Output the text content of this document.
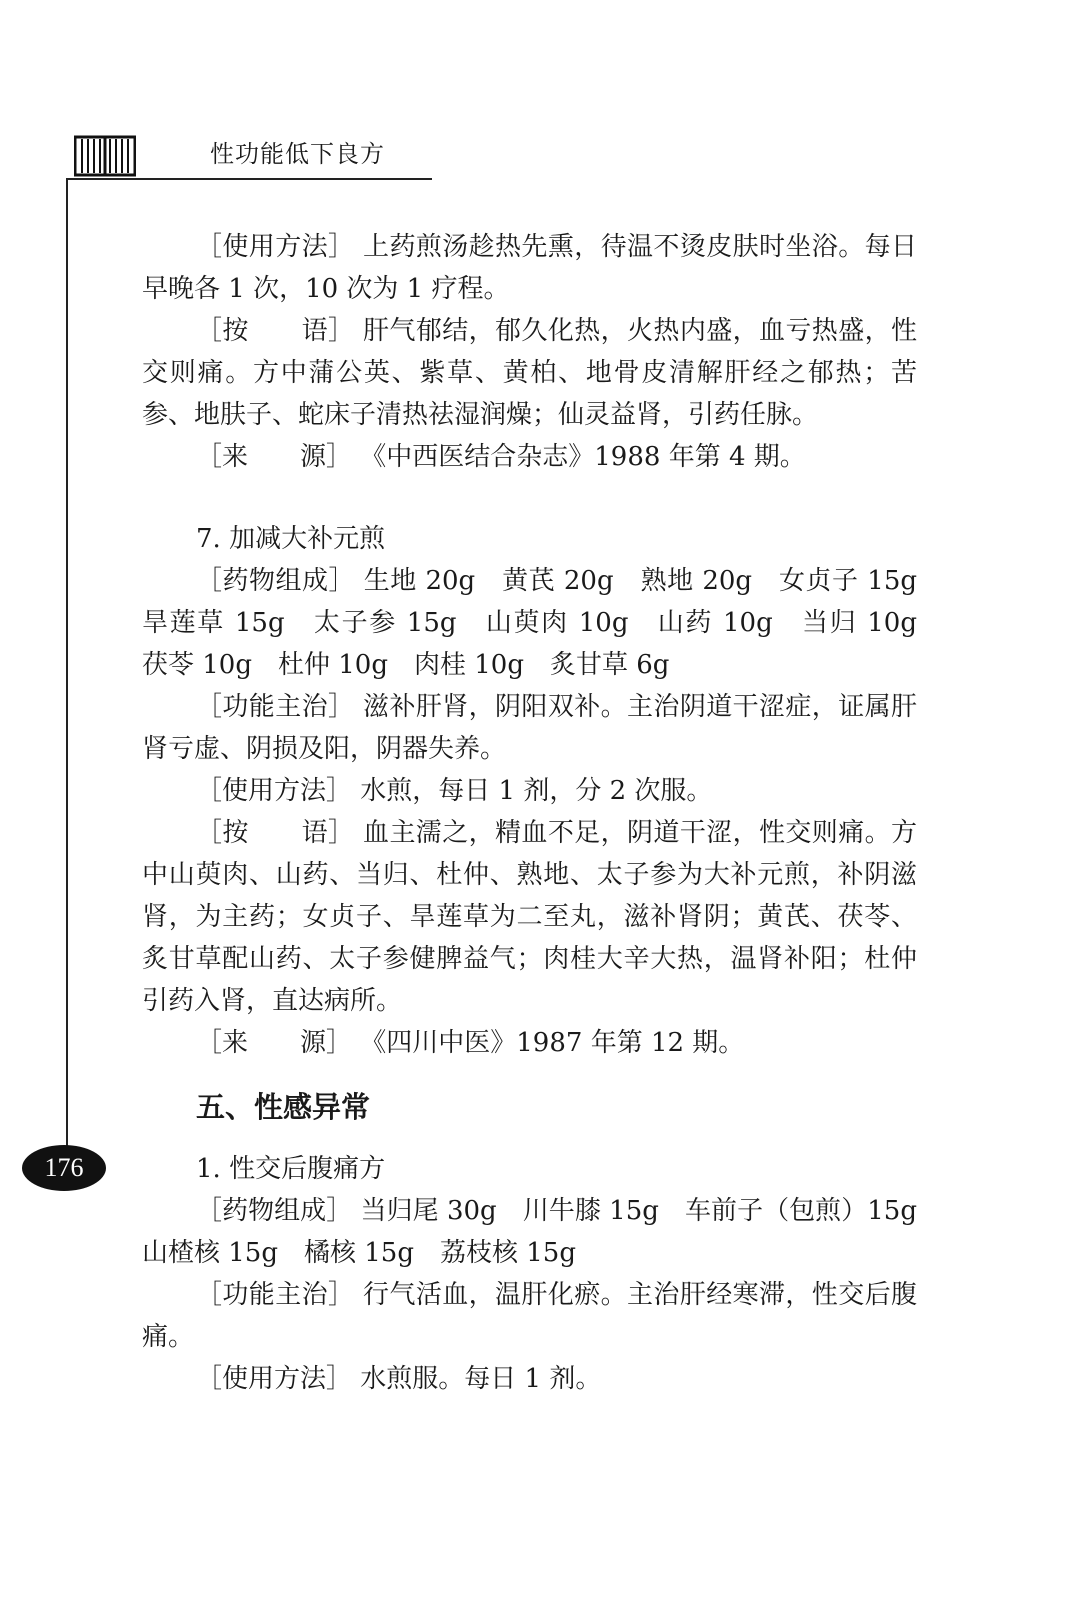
性功能低下良方
176

［使用方法］ 上药煎汤趁热先熏，待温不烫皮肤时坐浴。每日早晚各 1 次，10 次为 1 疗程。

［按　　语］ 肝气郁结，郁久化热，火热内盛，血亏热盛，性交则痛。方中蒲公英、紫草、黄柏、地骨皮清解肝经之郁热；苦参、地肤子、蛇床子清热祛湿润燥；仙灵益肾，引药任脉。

［来　　源］ 《中西医结合杂志》1988 年第 4 期。

7. 加减大补元煎

［药物组成］ 生地 20g　黄芪 20g　熟地 20g　女贞子 15g　旱莲草 15g　太子参 15g　山萸肉 10g　山药 10g　当归 10g　茯苓 10g　杜仲 10g　肉桂 10g　炙甘草 6g

［功能主治］ 滋补肝肾，阴阳双补。主治阴道干涩症，证属肝肾亏虚、阴损及阳，阴器失养。

［使用方法］ 水煎，每日 1 剂，分 2 次服。

［按　　语］ 血主濡之，精血不足，阴道干涩，性交则痛。方中山萸肉、山药、当归、杜仲、熟地、太子参为大补元煎，补阴滋肾，为主药；女贞子、旱莲草为二至丸，滋补肾阴；黄芪、茯苓、炙甘草配山药、太子参健脾益气；肉桂大辛大热，温肾补阳；杜仲引药入肾，直达病所。

［来　　源］ 《四川中医》1987 年第 12 期。

五、性感异常

1. 性交后腹痛方

［药物组成］ 当归尾 30g　川牛膝 15g　车前子（包煎）15g　山楂核 15g　橘核 15g　荔枝核 15g

［功能主治］ 行气活血，温肝化瘀。主治肝经寒滞，性交后腹痛。

［使用方法］ 水煎服。每日 1 剂。
